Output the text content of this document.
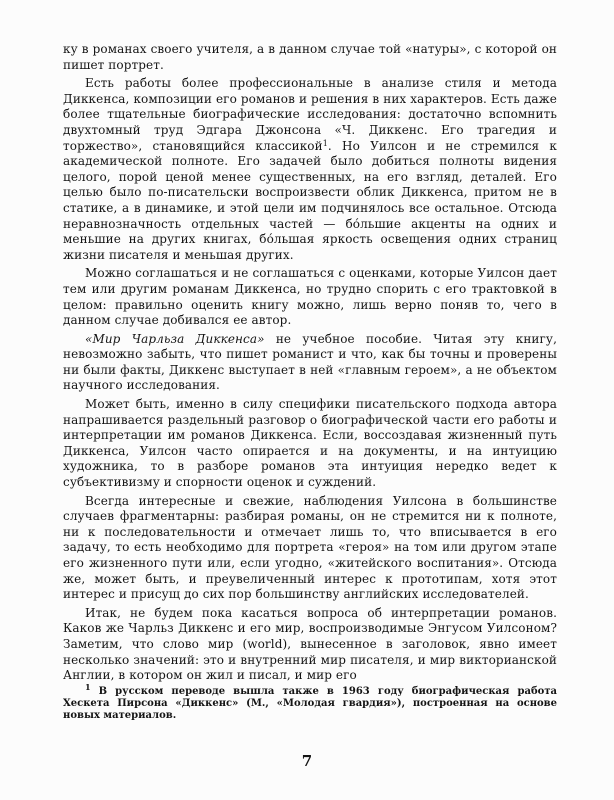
ку в романах своего учителя, а в данном случае той «натуры», с которой он пишет портрет.

Есть работы более профессиональные в анализе стиля и метода Диккенса, композиции его романов и решения в них характеров. Есть даже более тщательные биографические исследования: достаточно вспомнить двухтомный труд Эдгара Джонсона «Ч. Диккенс. Его трагедия и торжество», становящийся классикой$^1$. Но Уилсон и не стремился к академической полноте. Его задачей было добиться полноты видения целого, порой ценой менее существенных, на его взгляд, деталей. Его целью было по-писательски воспроизвести облик Диккенса, притом не в статике, а в динамике, и этой цели им подчинялось все остальное. Отсюда неравнозначность отдельных частей — бо́льшие акценты на одних и меньшие на других книгах, бо́льшая яркость освещения одних страниц жизни писателя и меньшая других.

Можно соглашаться и не соглашаться с оценками, которые Уилсон дает тем или другим романам Диккенса, но трудно спорить с его трактовкой в целом: правильно оценить книгу можно, лишь верно поняв то, чего в данном случае добивался ее автор.

«Мир Чарльза Диккенса» не учебное пособие. Читая эту книгу, невозможно забыть, что пишет романист и что, как бы точны и проверены ни были факты, Диккенс выступает в ней «главным героем», а не объектом научного исследования.

Может быть, именно в силу специфики писательского подхода автора напрашивается раздельный разговор о биографической части его работы и интерпретации им романов Диккенса. Если, воссоздавая жизненный путь Диккенса, Уилсон часто опирается и на документы, и на интуицию художника, то в разборе романов эта интуиция нередко ведет к субъективизму и спорности оценок и суждений.

Всегда интересные и свежие, наблюдения Уилсона в большинстве случаев фрагментарны: разбирая романы, он не стремится ни к полноте, ни к последовательности и отмечает лишь то, что вписывается в его задачу, то есть необходимо для портрета «героя» на том или другом этапе его жизненного пути или, если угодно, «житейского воспитания». Отсюда же, может быть, и преувеличенный интерес к прототипам, хотя этот интерес и присущ до сих пор большинству английских исследователей.

Итак, не будем пока касаться вопроса об интерпретации романов. Каков же Чарльз Диккенс и его мир, воспроизводимые Энгусом Уилсоном? Заметим, что слово мир (world), вынесенное в заголовок, явно имеет несколько значений: это и внутренний мир писателя, и мир викторианской Англии, в котором он жил и писал, и мир его

$^1$ В русском переводе вышла также в 1963 году биографическая работа Хескета Пирсона «Диккенс» (М., «Молодая гвардия»), построенная на основе новых материалов.
7
